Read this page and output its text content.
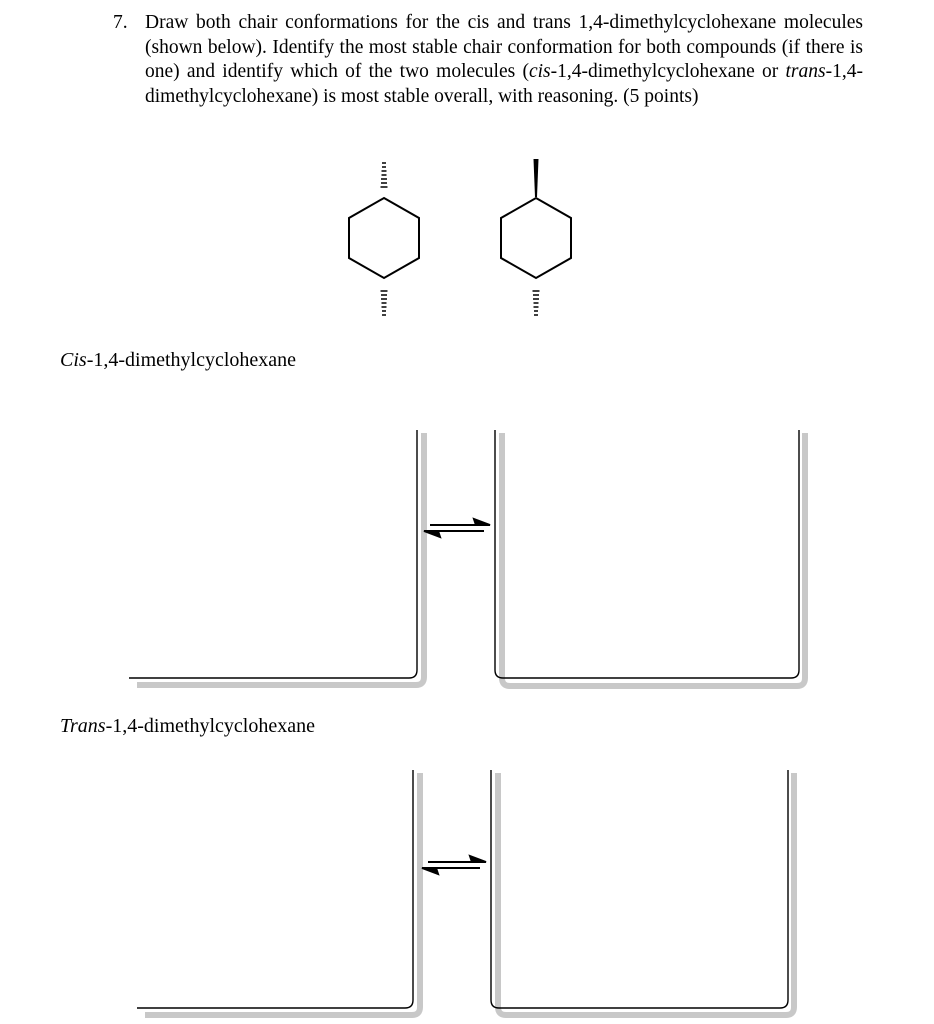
7. Draw both chair conformations for the cis and trans 1,4-dimethylcyclohexane molecules (shown below). Identify the most stable chair conformation for both compounds (if there is one) and identify which of the two molecules (cis-1,4-dimethylcyclohexane or trans-1,4-dimethylcyclohexane) is most stable overall, with reasoning. (5 points)
Cis-1,4-dimethylcyclohexane
Trans-1,4-dimethylcyclohexane
